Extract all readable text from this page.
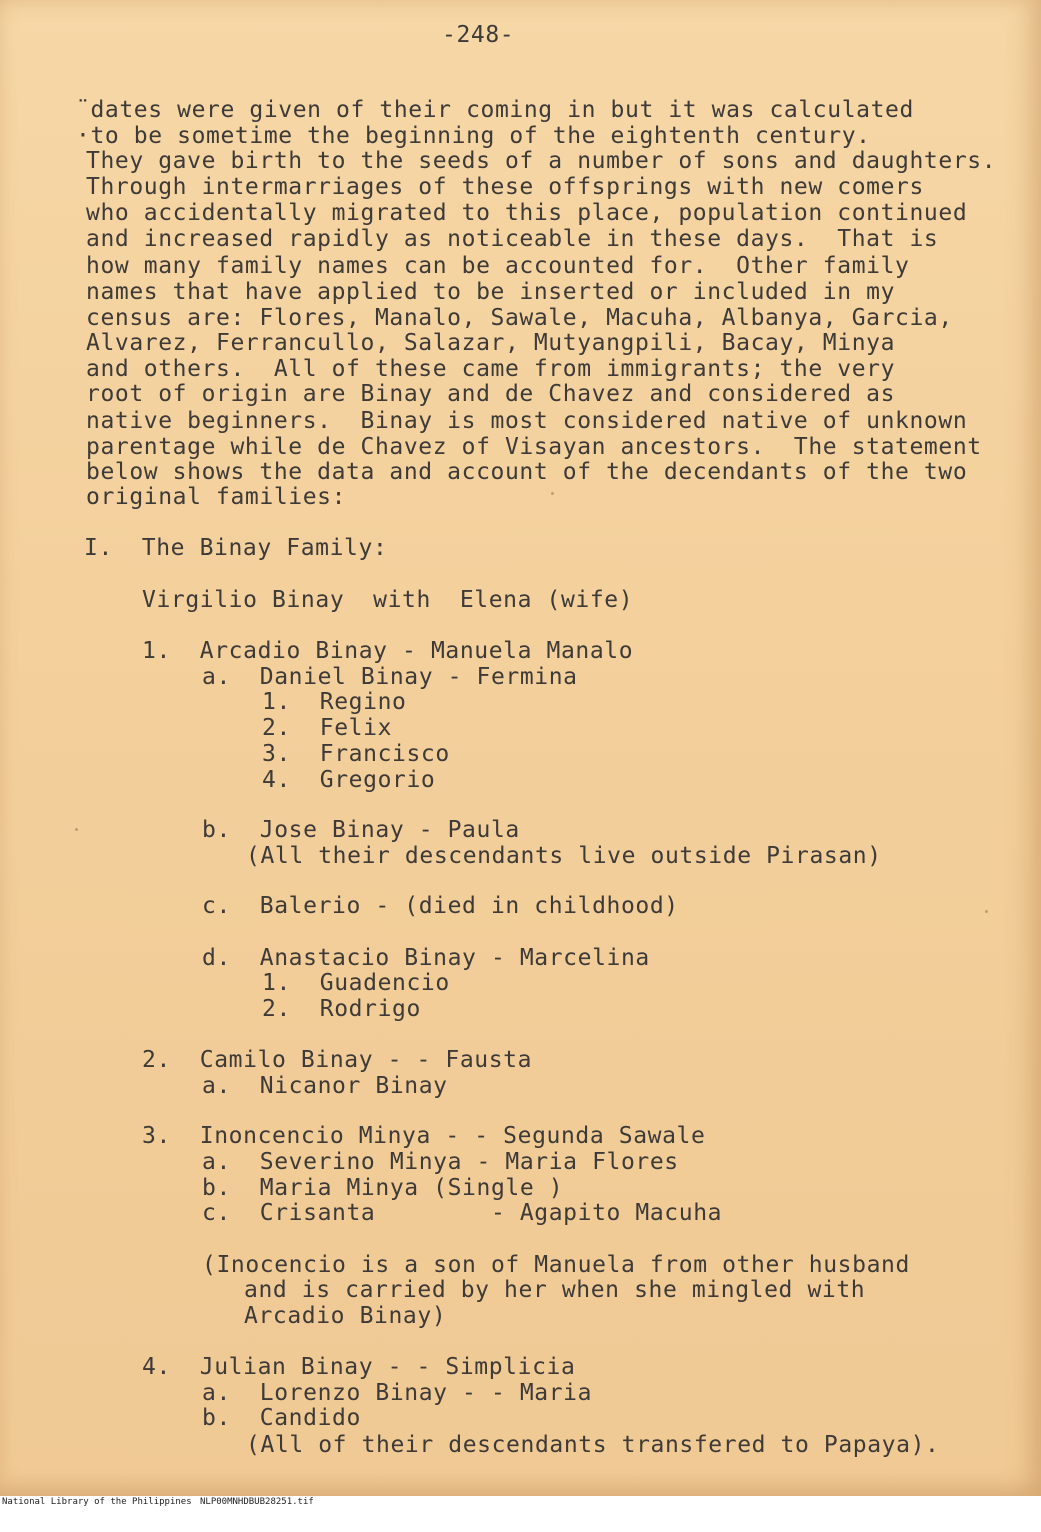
-248-
¨dates were given of their coming in but it was calculated
·to be sometime the beginning of the eightenth century.
They gave birth to the seeds of a number of sons and daughters.
Through intermarriages of these offsprings with new comers
who accidentally migrated to this place, population continued
and increased rapidly as noticeable in these days.  That is
how many family names can be accounted for.  Other family
names that have applied to be inserted or included in my
census are: Flores, Manalo, Sawale, Macuha, Albanya, Garcia,
Alvarez, Ferrancullo, Salazar, Mutyangpili, Bacay, Minya
and others.  All of these came from immigrants; the very
root of origin are Binay and de Chavez and considered as
native beginners.  Binay is most considered native of unknown
parentage while de Chavez of Visayan ancestors.  The statement
below shows the data and account of the decendants of the two
original families:
I.  The Binay Family:
Virgilio Binay  with  Elena (wife)
1.  Arcadio Binay - Manuela Manalo
a.  Daniel Binay - Fermina
1.  Regino
2.  Felix
3.  Francisco
4.  Gregorio
b.  Jose Binay - Paula
(All their descendants live outside Pirasan)
c.  Balerio - (died in childhood)
d.  Anastacio Binay - Marcelina
1.  Guadencio
2.  Rodrigo
2.  Camilo Binay - - Fausta
a.  Nicanor Binay
3.  Inoncencio Minya - - Segunda Sawale
a.  Severino Minya - Maria Flores
b.  Maria Minya (Single )
c.  Crisanta        - Agapito Macuha
(Inocencio is a son of Manuela from other husband
and is carried by her when she mingled with
Arcadio Binay)
4.  Julian Binay - - Simplicia
a.  Lorenzo Binay - - Maria
b.  Candido
(All of their descendants transfered to Papaya).

National Library of the Philippines

NLP00MNHDBUB28251.tif
